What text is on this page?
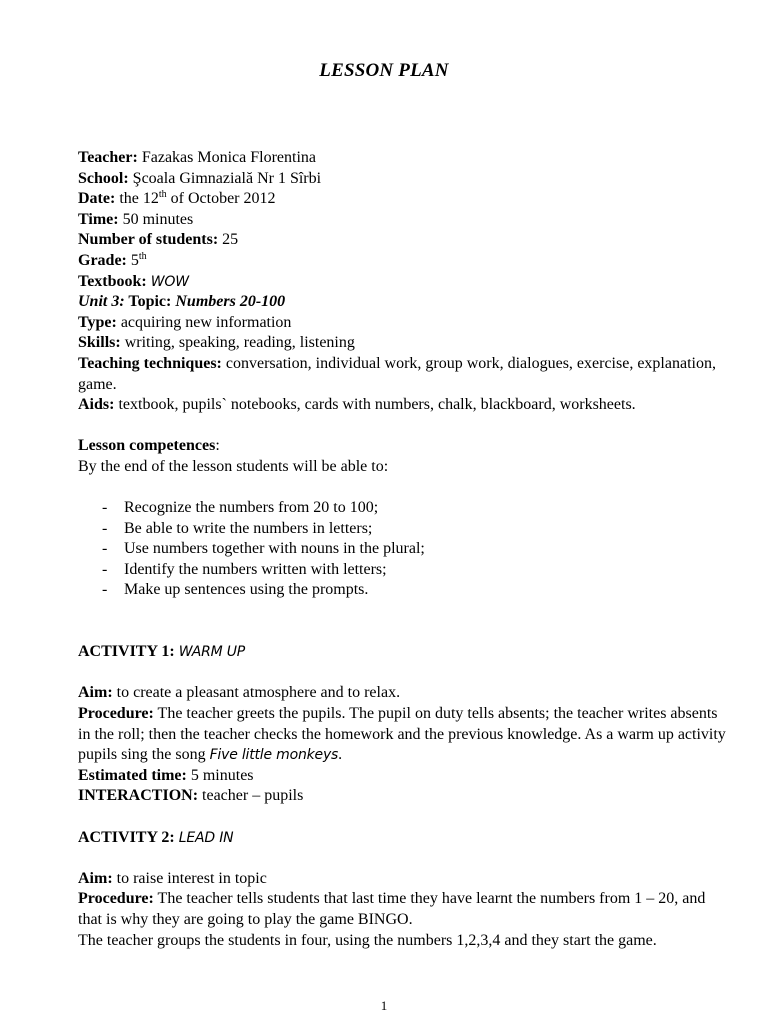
LESSON PLAN
Teacher: Fazakas Monica Florentina
School: Şcoala Gimnazială Nr 1 Sîrbi
Date: the 12th of October 2012
Time: 50 minutes
Number of students: 25
Grade: 5th
Textbook: WOW
Unit 3: Topic: Numbers 20-100
Type: acquiring new information
Skills: writing, speaking, reading, listening
Teaching techniques: conversation, individual work, group work, dialogues, exercise, explanation, game.
Aids: textbook, pupils` notebooks, cards with numbers, chalk, blackboard, worksheets.
Lesson competences:
By the end of the lesson students will be able to:
- Recognize the numbers from 20 to 100;
- Be able to write the numbers in letters;
- Use numbers together with nouns in the plural;
- Identify the numbers written with letters;
- Make up sentences using the prompts.
ACTIVITY 1: WARM UP
Aim: to create a pleasant atmosphere and to relax.
Procedure: The teacher greets the pupils. The pupil on duty tells absents; the teacher writes absents in the roll; then the teacher checks the homework and the previous knowledge. As a warm up activity pupils sing the song Five little monkeys.
Estimated time: 5 minutes
INTERACTION: teacher – pupils
ACTIVITY 2: LEAD IN
Aim: to raise interest in topic
Procedure: The teacher tells students that last time they have learnt the numbers from 1 – 20, and that is why they are going to play the game BINGO.
The teacher groups the students in four, using the numbers 1,2,3,4 and they start the game.
1
